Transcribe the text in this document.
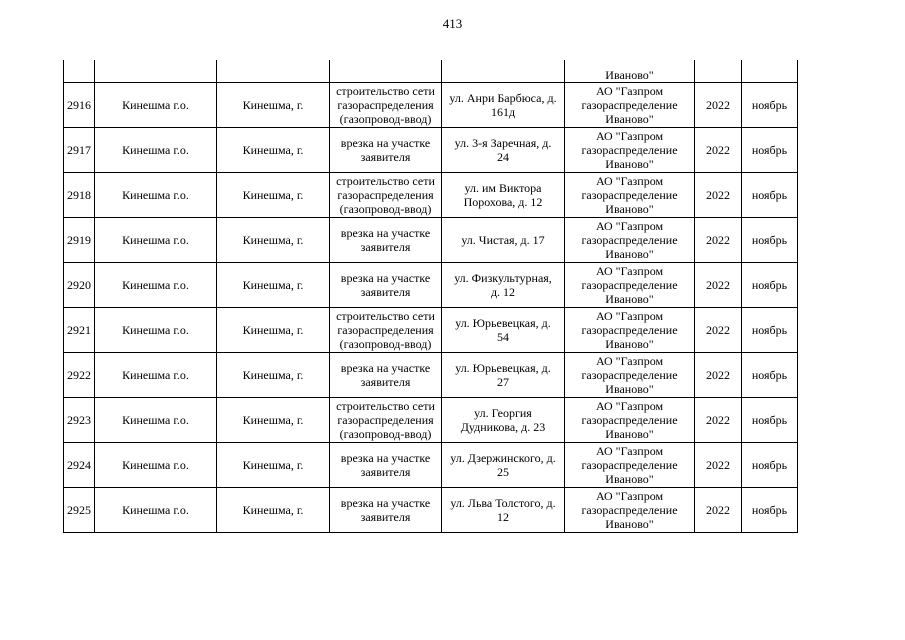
413

					Иваново"		

2916	Кинешма г.о.	Кинешма, г.	строительство сети
газораспределения
(газопровод-ввод)	ул. Анри Барбюса, д.
161д	АО "Газпром
газораспределение
Иваново"	2022	ноябрь

2917	Кинешма г.о.	Кинешма, г.	врезка на участке
заявителя	ул. 3-я Заречная, д.
24	АО "Газпром
газораспределение
Иваново"	2022	ноябрь

2918	Кинешма г.о.	Кинешма, г.	строительство сети
газораспределения
(газопровод-ввод)	ул. им Виктора
Порохова, д. 12	АО "Газпром
газораспределение
Иваново"	2022	ноябрь

2919	Кинешма г.о.	Кинешма, г.	врезка на участке
заявителя	ул. Чистая, д. 17	АО "Газпром
газораспределение
Иваново"	2022	ноябрь

2920	Кинешма г.о.	Кинешма, г.	врезка на участке
заявителя	ул. Физкультурная,
д. 12	АО "Газпром
газораспределение
Иваново"	2022	ноябрь

2921	Кинешма г.о.	Кинешма, г.	строительство сети
газораспределения
(газопровод-ввод)	ул. Юрьевецкая, д.
54	АО "Газпром
газораспределение
Иваново"	2022	ноябрь

2922	Кинешма г.о.	Кинешма, г.	врезка на участке
заявителя	ул. Юрьевецкая, д.
27	АО "Газпром
газораспределение
Иваново"	2022	ноябрь

2923	Кинешма г.о.	Кинешма, г.	строительство сети
газораспределения
(газопровод-ввод)	ул. Георгия
Дудникова, д. 23	АО "Газпром
газораспределение
Иваново"	2022	ноябрь

2924	Кинешма г.о.	Кинешма, г.	врезка на участке
заявителя	ул. Дзержинского, д.
25	АО "Газпром
газораспределение
Иваново"	2022	ноябрь

2925	Кинешма г.о.	Кинешма, г.	врезка на участке
заявителя	ул. Льва Толстого, д.
12	АО "Газпром
газораспределение
Иваново"	2022	ноябрь
